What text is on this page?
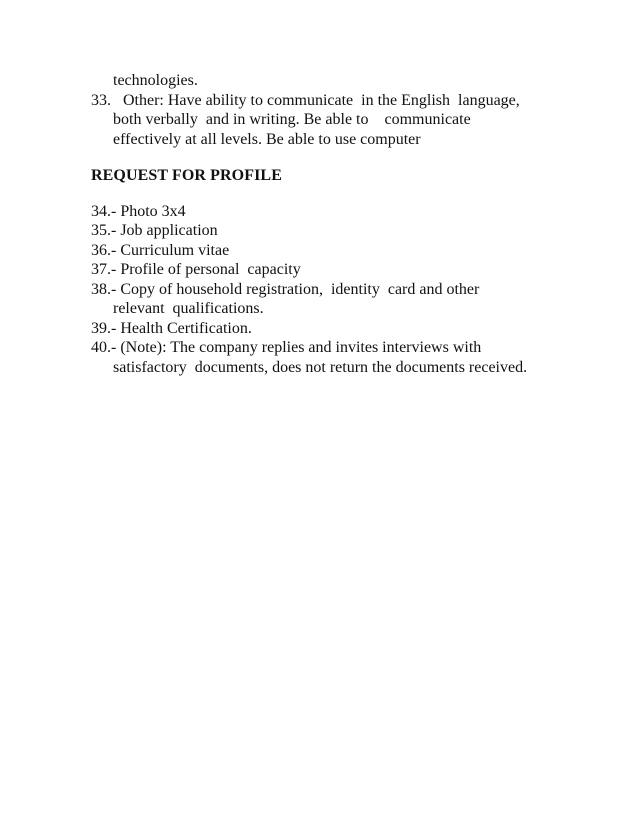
technologies.
33.   Other: Have ability to communicate  in the English  language,
both verbally  and in writing. Be able to    communicate
effectively at all levels. Be able to use computer
REQUEST FOR PROFILE
34.- Photo 3x4
35.- Job application
36.- Curriculum vitae
37.- Profile of personal  capacity
38.- Copy of household registration,  identity  card and other
relevant  qualifications.
39.- Health Certification.
40.- (Note): The company replies and invites interviews with
satisfactory  documents, does not return the documents received.
